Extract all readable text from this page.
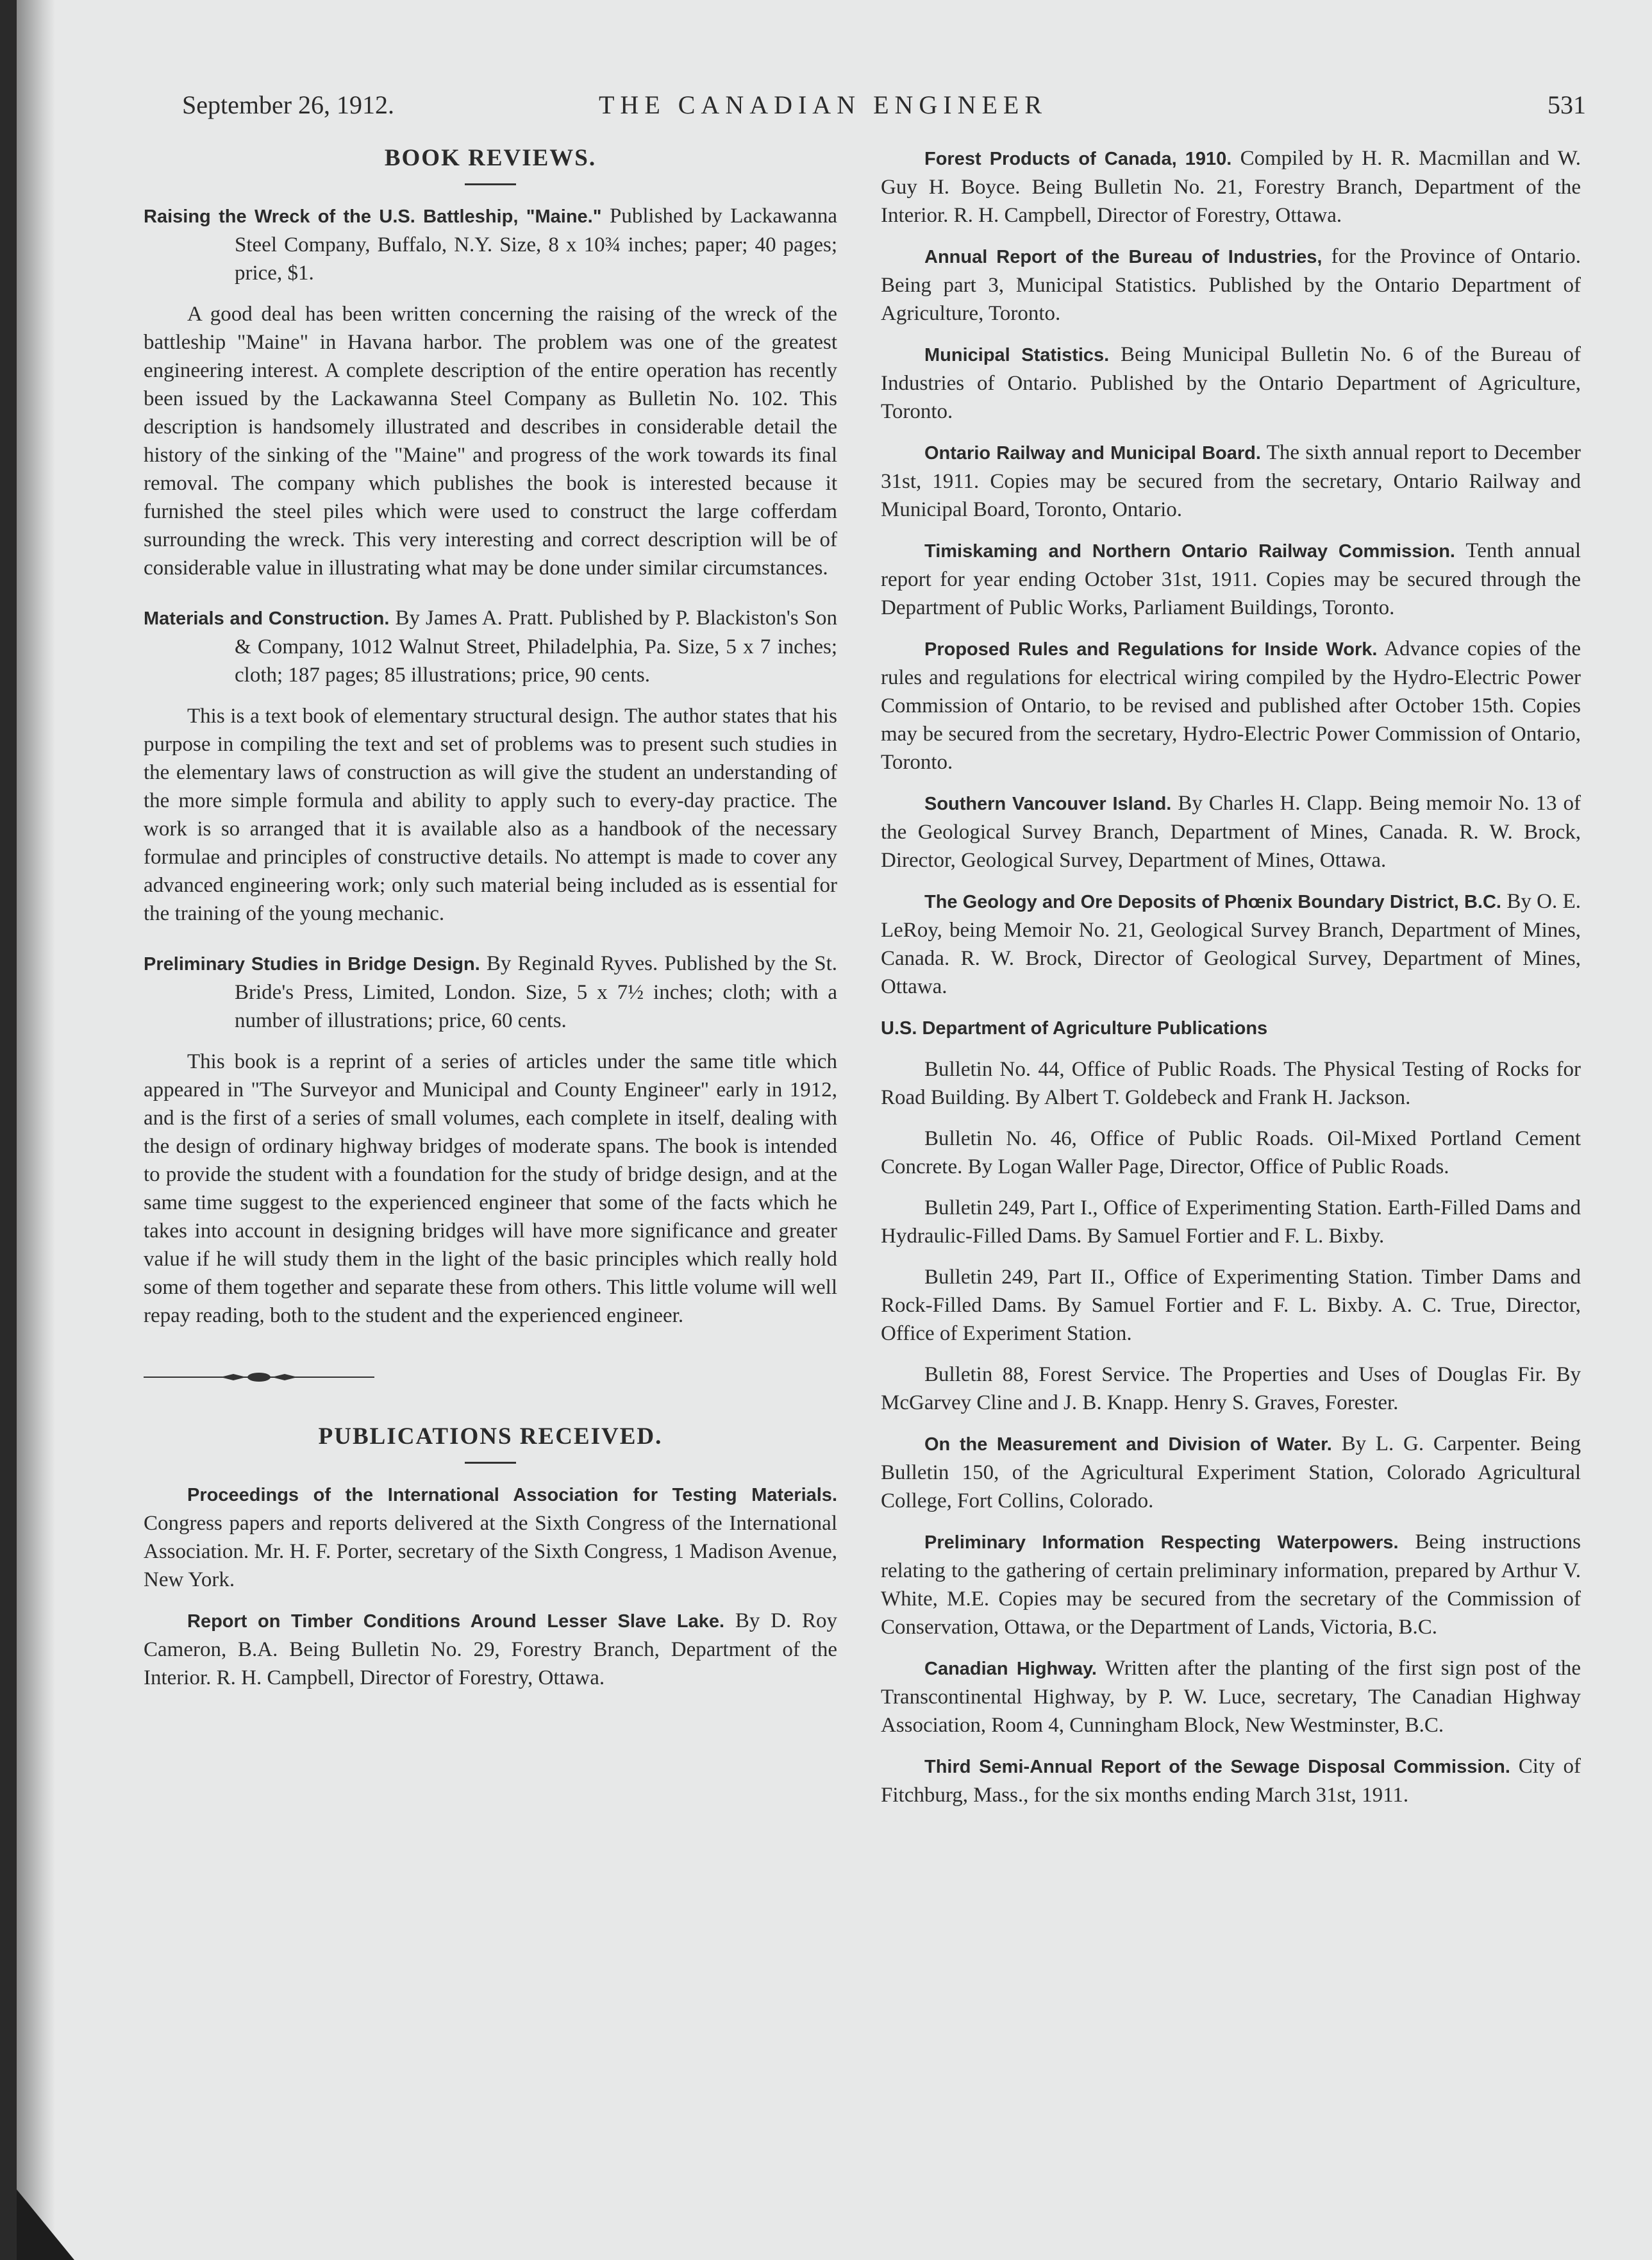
September 26, 1912.	THE CANADIAN ENGINEER	531
BOOK REVIEWS.

Raising the Wreck of the U.S. Battleship, "Maine." Published by Lackawanna Steel Company, Buffalo, N.Y. Size, 8 x 10¾ inches; paper; 40 pages; price, $1.

A good deal has been written concerning the raising of the wreck of the battleship "Maine" in Havana harbor. The problem was one of the greatest engineering interest. A complete description of the entire operation has recently been issued by the Lackawanna Steel Company as Bulletin No. 102. This description is handsomely illustrated and describes in considerable detail the history of the sinking of the "Maine" and progress of the work towards its final removal. The company which publishes the book is interested because it furnished the steel piles which were used to construct the large cofferdam surrounding the wreck. This very interesting and correct description will be of considerable value in illustrating what may be done under similar circumstances.

Materials and Construction. By James A. Pratt. Published by P. Blackiston's Son & Company, 1012 Walnut Street, Philadelphia, Pa. Size, 5 x 7 inches; cloth; 187 pages; 85 illustrations; price, 90 cents.

This is a text book of elementary structural design. The author states that his purpose in compiling the text and set of problems was to present such studies in the elementary laws of construction as will give the student an understanding of the more simple formula and ability to apply such to every-day practice. The work is so arranged that it is available also as a handbook of the necessary formulae and principles of constructive details. No attempt is made to cover any advanced engineering work; only such material being included as is essential for the training of the young mechanic.

Preliminary Studies in Bridge Design. By Reginald Ryves. Published by the St. Bride's Press, Limited, London. Size, 5 x 7½ inches; cloth; with a number of illustrations; price, 60 cents.

This book is a reprint of a series of articles under the same title which appeared in "The Surveyor and Municipal and County Engineer" early in 1912, and is the first of a series of small volumes, each complete in itself, dealing with the design of ordinary highway bridges of moderate spans. The book is intended to provide the student with a foundation for the study of bridge design, and at the same time suggest to the experienced engineer that some of the facts which he takes into account in designing bridges will have more significance and greater value if he will study them in the light of the basic principles which really hold some of them together and separate these from others. This little volume will well repay reading, both to the student and the experienced engineer.

PUBLICATIONS RECEIVED.

Proceedings of the International Association for Testing Materials. Congress papers and reports delivered at the Sixth Congress of the International Association. Mr. H. F. Porter, secretary of the Sixth Congress, 1 Madison Avenue, New York.

Report on Timber Conditions Around Lesser Slave Lake. By D. Roy Cameron, B.A. Being Bulletin No. 29, Forestry Branch, Department of the Interior. R. H. Campbell, Director of Forestry, Ottawa.

Forest Products of Canada, 1910. Compiled by H. R. Macmillan and W. Guy H. Boyce. Being Bulletin No. 21, Forestry Branch, Department of the Interior. R. H. Campbell, Director of Forestry, Ottawa.

Annual Report of the Bureau of Industries, for the Province of Ontario. Being part 3, Municipal Statistics. Published by the Ontario Department of Agriculture, Toronto.

Municipal Statistics. Being Municipal Bulletin No. 6 of the Bureau of Industries of Ontario. Published by the Ontario Department of Agriculture, Toronto.

Ontario Railway and Municipal Board. The sixth annual report to December 31st, 1911. Copies may be secured from the secretary, Ontario Railway and Municipal Board, Toronto, Ontario.

Timiskaming and Northern Ontario Railway Commission. Tenth annual report for year ending October 31st, 1911. Copies may be secured through the Department of Public Works, Parliament Buildings, Toronto.

Proposed Rules and Regulations for Inside Work. Advance copies of the rules and regulations for electrical wiring compiled by the Hydro-Electric Power Commission of Ontario, to be revised and published after October 15th. Copies may be secured from the secretary, Hydro-Electric Power Commission of Ontario, Toronto.

Southern Vancouver Island. By Charles H. Clapp. Being memoir No. 13 of the Geological Survey Branch, Department of Mines, Canada. R. W. Brock, Director, Geological Survey, Department of Mines, Ottawa.

The Geology and Ore Deposits of Phœnix Boundary District, B.C. By O. E. LeRoy, being Memoir No. 21, Geological Survey Branch, Department of Mines, Canada. R. W. Brock, Director of Geological Survey, Department of Mines, Ottawa.

U.S. Department of Agriculture Publications

Bulletin No. 44, Office of Public Roads. The Physical Testing of Rocks for Road Building. By Albert T. Goldebeck and Frank H. Jackson.

Bulletin No. 46, Office of Public Roads. Oil-Mixed Portland Cement Concrete. By Logan Waller Page, Director, Office of Public Roads.

Bulletin 249, Part I., Office of Experimenting Station. Earth-Filled Dams and Hydraulic-Filled Dams. By Samuel Fortier and F. L. Bixby.

Bulletin 249, Part II., Office of Experimenting Station. Timber Dams and Rock-Filled Dams. By Samuel Fortier and F. L. Bixby. A. C. True, Director, Office of Experiment Station.

Bulletin 88, Forest Service. The Properties and Uses of Douglas Fir. By McGarvey Cline and J. B. Knapp. Henry S. Graves, Forester.

On the Measurement and Division of Water. By L. G. Carpenter. Being Bulletin 150, of the Agricultural Experiment Station, Colorado Agricultural College, Fort Collins, Colorado.

Preliminary Information Respecting Waterpowers. Being instructions relating to the gathering of certain preliminary information, prepared by Arthur V. White, M.E. Copies may be secured from the secretary of the Commission of Conservation, Ottawa, or the Department of Lands, Victoria, B.C.

Canadian Highway. Written after the planting of the first sign post of the Transcontinental Highway, by P. W. Luce, secretary, The Canadian Highway Association, Room 4, Cunningham Block, New Westminster, B.C.

Third Semi-Annual Report of the Sewage Disposal Commission. City of Fitchburg, Mass., for the six months ending March 31st, 1911.
